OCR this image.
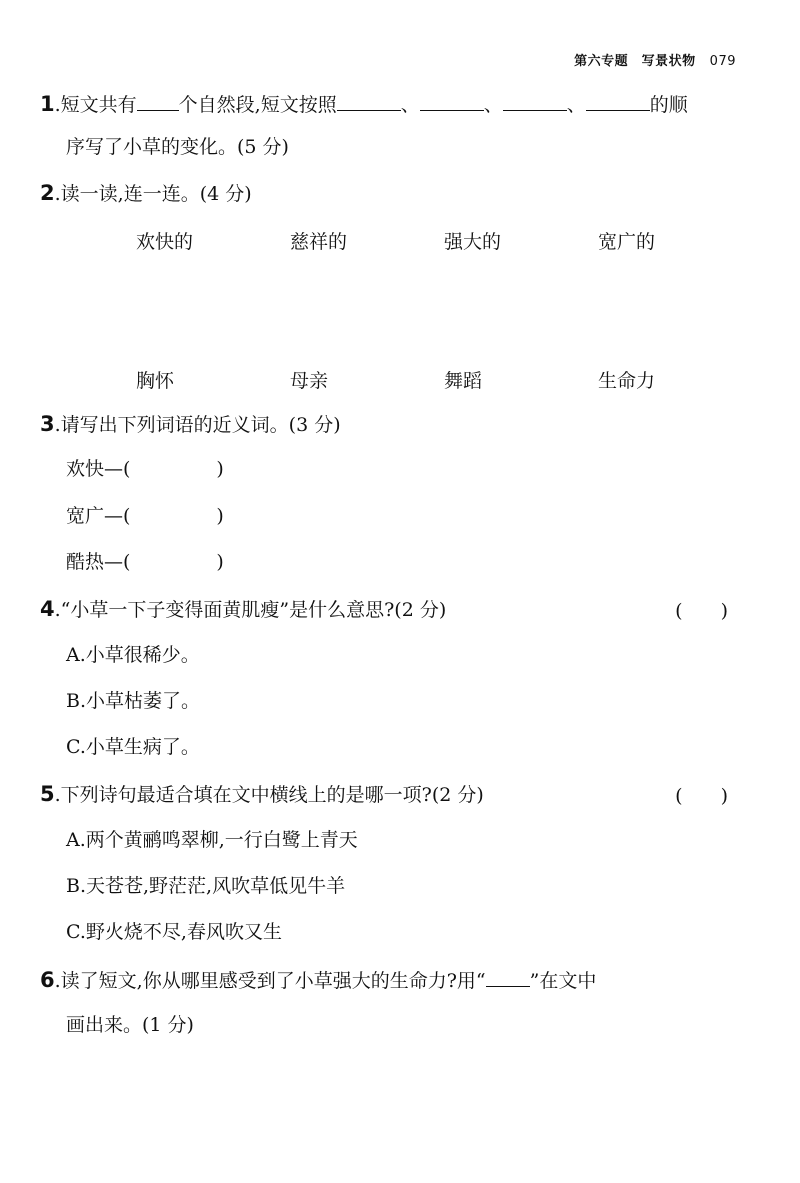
第六专题　写景状物 079
1.短文共有 个自然段,短文按照	、	、	、	的顺
序写了小草的变化。(5 分)
2.读一读,连一连。(4 分)
欢快的	慈祥的	强大的	宽广的
胸怀	母亲	舞蹈	生命力
3.请写出下列词语的近义词。(3 分)
欢快—(	)
宽广—(	)
酷热—(	)
4.“小草一下子变得面黄肌瘦”是什么意思?(2 分)	(　　)
A.小草很稀少。
B.小草枯萎了。
C.小草生病了。
5.下列诗句最适合填在文中横线上的是哪一项?(2 分)	(　　)
A.两个黄鹂鸣翠柳,一行白鹭上青天
B.天苍苍,野茫茫,风吹草低见牛羊
C.野火烧不尽,春风吹又生
6.读了短文,你从哪里感受到了小草强大的生命力?用“ ”在文中
画出来。(1 分)
